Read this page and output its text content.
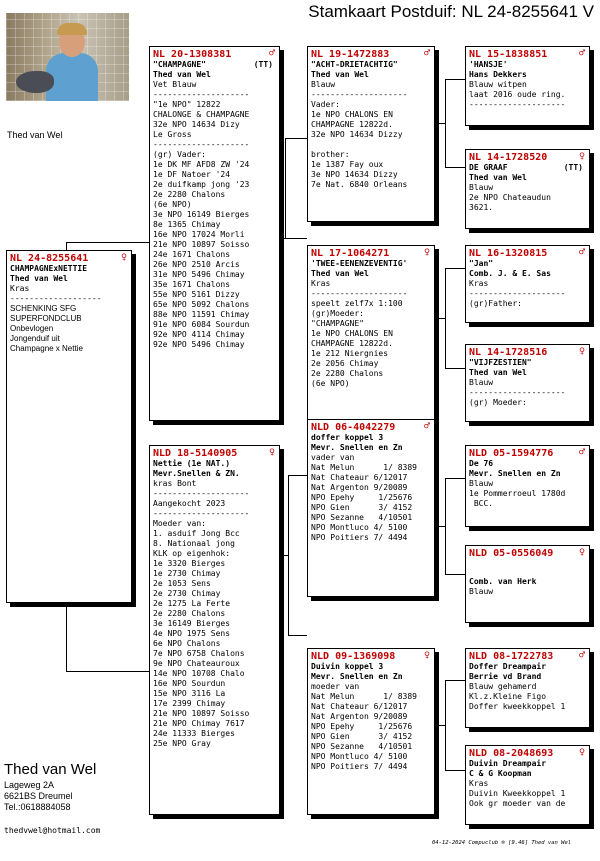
Stamkaart Postduif: NL 24-8255641 V
Thed van Wel
NL 24-8255641	♀
CHAMPAGNExNETTIE
Thed van Wel
Kras
-------------------
SCHENKING SFG
SUPERFONDCLUB
Onbevlogen
Jongenduif uit
Champagne x Nettie
NL 20-1308381	♂
"CHAMPAGNE"	(TT)
Thed van Wel
Vet Blauw
--------------------
"1e NPO" 12822
CHALONGE & CHAMPAGNE
32e NPO 14634 Dizy
Le Gross
--------------------
(gr) Vader:
1e DK MF AFD8 ZW '24
1e DF Natoer '24
2e duifkamp jong '23
2e 2280 Chalons
(6e NPO)
3e NPO 16149 Bierges
8e 1365 Chimay
16e NPO 17024 Morli
21e NPO 10897 Soisso
24e 1671 Chalons
26e NPO 2510 Arcis
31e NPO 5496 Chimay
35e 1671 Chalons
55e NPO 5161 Dizzy
65e NPO 5092 Chalons
88e NPO 11591 Chimay
91e NPO 6084 Sourdun
92e NPO 4114 Chimay
92e NPO 5496 Chimay
NLD 18-5140905	♀
Nettie (1e NAT.)
Mevr.Snellen & ZN.
kras Bont
--------------------
Aangekocht 2023
--------------------
Moeder van:
1. asduif Jong Bcc
8. Nationaal jong
KLK op eigenhok:
1e 3320 Bierges
1e 2730 Chimay
2e 1053 Sens
2e 2730 Chimay
2e 1275 La Ferte
2e 2280 Chalons
3e 16149 Bierges
4e NPO 1975 Sens
6e NPO Chalons
7e NPO 6758 Chalons
9e NPO Chateauroux
14e NPO 10708 Chalo
16e NPO Sourdun
15e NPO 3116 La
17e 2399 Chimay
21e NPO 10897 Soisso
21e NPO Chimay 7617
24e 11333 Bierges
25e NPO Gray
NL 19-1472883	♂
"ACHT-DRIETACHTIG"
Thed van Wel
Blauw
--------------------
Vader:
1e NPO CHALONS EN
CHAMPAGNE 12822d.
32e NPO 14634 Dizzy
brother:
1e 1387 Fay oux
3e NPO 14634 Dizzy
7e Nat. 6840 Orleans
NL 17-1064271	♀
'TWEE-EENENZEVENTIG'
Thed van Wel
Kras
--------------------
speelt zelf7x 1:100
(gr)Moeder:
"CHAMPAGNE"
1e NPO CHALONS EN
CHAMPAGNE 12822d.
1e 212 Niergnies
2e 2056 Chimay
2e 2280 Chalons
(6e NPO)
NLD 06-4042279	♂
doffer koppel 3
Mevr. Snellen en Zn
vader van
Nat Melun      1/ 8389
Nat Chateaur 6/12017
Nat Argenton 9/20089
NPO Epehy     1/25676
NPO Gien      3/ 4152
NPO Sezanne   4/10501
NPO Montluco 4/ 5100
NPO Poitiers 7/ 4494
NLD 09-1369098	♀
Duivin koppel 3
Mevr. Snellen en Zn
moeder van
Nat Melun      1/ 8389
Nat Chateaur 6/12017
Nat Argenton 9/20089
NPO Epehy     1/25676
NPO Gien      3/ 4152
NPO Sezanne   4/10501
NPO Montluco 4/ 5100
NPO Poitiers 7/ 4494
NL 15-1838851	♂
'HANSJE'
Hans Dekkers
Blauw witpen
laat 2016 oude ring.
--------------------
NL 14-1728520	♀
DE GRAAF	(TT)
Thed van Wel
Blauw
2e NPO Chateaudun
3621.
NL 16-1320815	♂
"Jan"
Comb. J. & E. Sas
Kras
--------------------
(gr)Father:
NL 14-1728516	♀
"VIJFZESTIEN"
Thed van Wel
Blauw
--------------------
(gr) Moeder:
NLD 05-1594776	♂
De 76
Mevr. Snellen en Zn
Blauw
1e Pommerroeul 1780d
BCC.
NLD 05-0556049	♀
Comb. van Herk
Blauw
NLD 08-1722783	♂
Doffer Dreampair
Berrie vd Brand
Blauw gehamerd
Kl.z.Kleine Figo
Doffer kweekkoppel 1
NLD 08-2048693	♀
Duivin Dreampair
C & G Koopman
Kras
Duivin Kweekkoppel 1
Ook gr moeder van de
Thed van Wel
Lageweg 2A
6621BS Dreumel
Tel.:0618884058
thedvwel@hotmail.com
04-12-2024 Compuclub ® [9.46] Thed van Wel
